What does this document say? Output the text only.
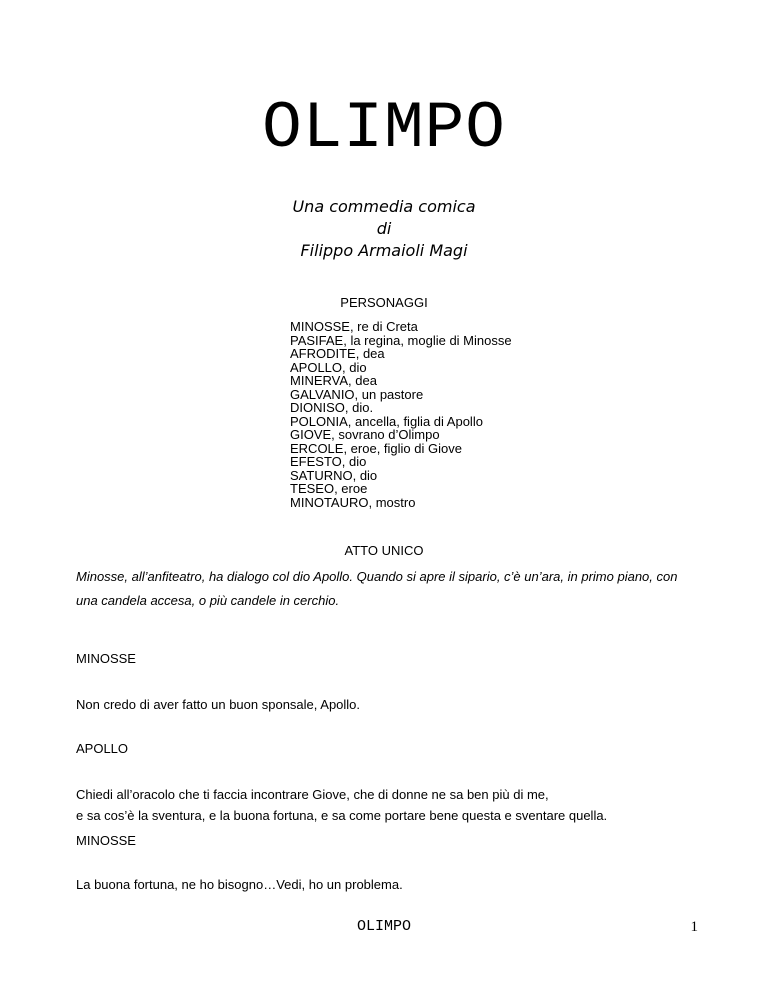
OLIMPO
Una commedia comica
di
Filippo Armaioli Magi
PERSONAGGI
MINOSSE, re di Creta
PASIFAE, la regina, moglie di Minosse
AFRODITE, dea
APOLLO, dio
MINERVA, dea
GALVANIO, un pastore
DIONISO, dio.
POLONIA, ancella, figlia di Apollo
GIOVE, sovrano d’Olimpo
ERCOLE, eroe, figlio di Giove
EFESTO, dio
SATURNO, dio
TESEO, eroe
MINOTAURO, mostro
ATTO UNICO
Minosse, all’anfiteatro, ha dialogo col dio Apollo. Quando si apre il sipario, c’è un’ara, in primo piano, con una candela accesa, o più candele in cerchio.
MINOSSE
Non credo di aver fatto un buon sponsale, Apollo.
APOLLO
Chiedi all’oracolo che ti faccia incontrare Giove, che di donne ne sa ben più di me,
e sa cos’è la sventura, e la buona fortuna, e sa come portare bene questa e sventare quella.
MINOSSE
La buona fortuna, ne ho bisogno…Vedi, ho un problema.
OLIMPO	1
